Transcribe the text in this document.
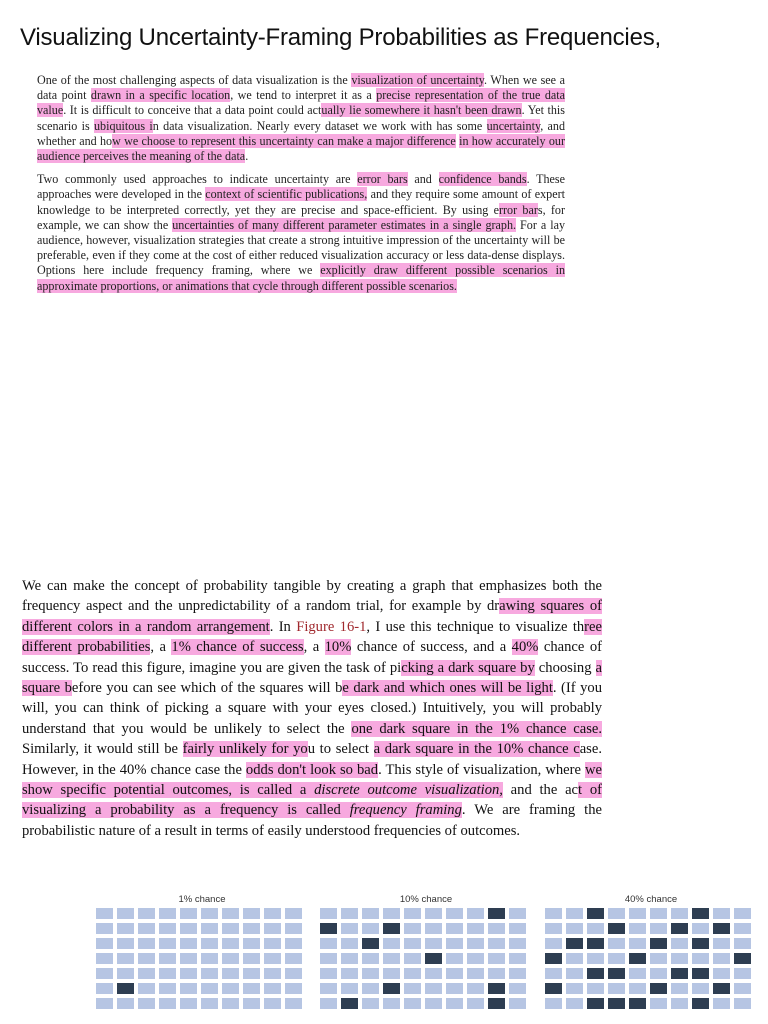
Visualizing Uncertainty-Framing Probabilities as Frequencies,

One of the most challenging aspects of data visualization is the visualization of uncertainty. When we see a data point drawn in a specific location, we tend to interpret it as a precise representation of the true data value. It is difficult to conceive that a data point could actually lie somewhere it hasn't been drawn. Yet this scenario is ubiquitous in data visualization. Nearly every dataset we work with has some uncertainty, and whether and how we choose to represent this uncertainty can make a major difference in how accurately our audience perceives the meaning of the data.

Two commonly used approaches to indicate uncertainty are error bars and confidence bands. These approaches were developed in the context of scientific publications, and they require some amount of expert knowledge to be interpreted correctly, yet they are precise and space-efficient. By using error bars, for example, we can show the uncertainties of many different parameter estimates in a single graph. For a lay audience, however, visualization strategies that create a strong intuitive impression of the uncertainty will be preferable, even if they come at the cost of either reduced visualization accuracy or less data-dense displays. Options here include frequency framing, where we explicitly draw different possible scenarios in approximate proportions, or animations that cycle through different possible scenarios.

We can make the concept of probability tangible by creating a graph that emphasizes both the frequency aspect and the unpredictability of a random trial, for example by drawing squares of different colors in a random arrangement. In Figure 16-1, I use this technique to visualize three different probabilities, a 1% chance of success, a 10% chance of success, and a 40% chance of success. To read this figure, imagine you are given the task of picking a dark square by choosing a square before you can see which of the squares will be dark and which ones will be light. (If you will, you can think of picking a square with your eyes closed.) Intuitively, you will probably understand that you would be unlikely to select the one dark square in the 1% chance case. Similarly, it would still be fairly unlikely for you to select a dark square in the 10% chance case. However, in the 40% chance case the odds don't look so bad. This style of visualization, where we show specific potential outcomes, is called a discrete outcome visualization, and the act of visualizing a probability as a frequency is called frequency framing. We are framing the probabilistic nature of a result in terms of easily understood frequencies of outcomes.

1% chance	10% chance	40% chance
